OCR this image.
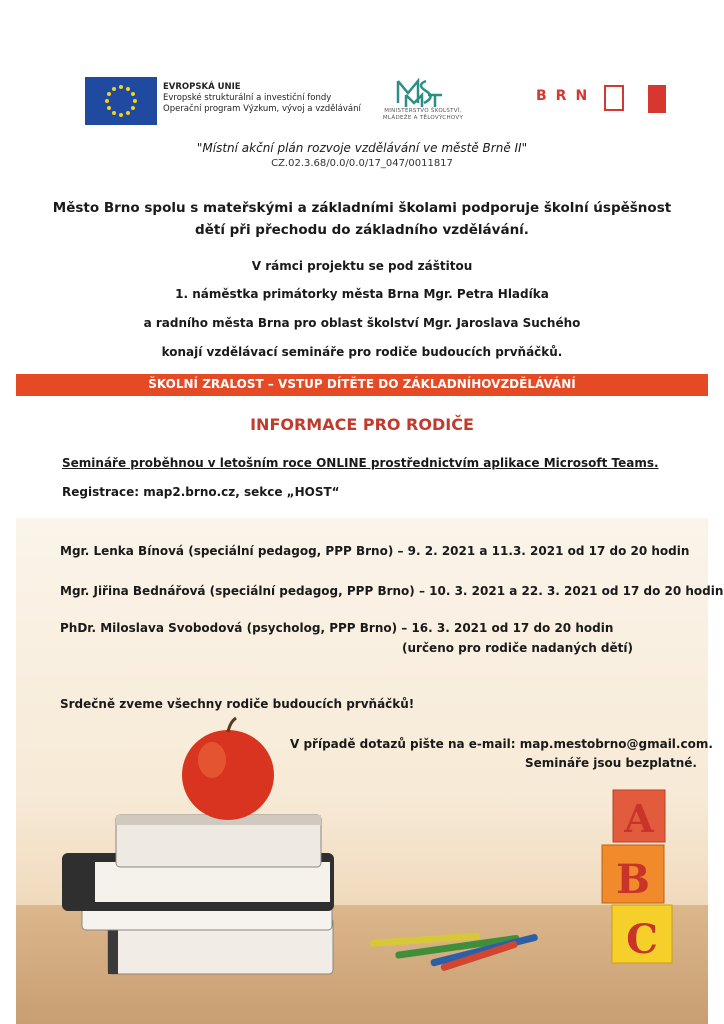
EVROPSKÁ UNIE
Evropské strukturální a investiční fondy
Operační program Výzkum, vývoj a vzdělávání	MINISTERSTVO ŠKOLSTVÍ,
MLÁDEŽE A TĚLOVÝCHOVY
BRN
"Místní akční plán rozvoje vzdělávání ve městě Brně II"
CZ.02.3.68/0.0/0.0/17_047/0011817
Město Brno spolu s mateřskými a základními školami podporuje školní úspěšnost
dětí při přechodu do základního vzdělávání.
V rámci projektu se pod záštitou
1. náměstka primátorky města Brna Mgr. Petra Hladíka
a radního města Brna pro oblast školství Mgr. Jaroslava Suchého
konají vzdělávací semináře pro rodiče budoucích prvňáčků.
ŠKOLNÍ ZRALOST – VSTUP DÍTĚTE DO ZÁKLADNÍHOVZDĚLÁVÁNÍ
INFORMACE PRO RODIČE
Semináře proběhnou v letošním roce ONLINE prostřednictvím aplikace Microsoft Teams.
Registrace: map2.brno.cz, sekce „HOST“
A
B
C
Mgr. Lenka Bínová (speciální pedagog, PPP Brno) – 9. 2. 2021 a 11.3. 2021 od 17 do 20 hodin
Mgr. Jiřina Bednářová (speciální pedagog, PPP Brno) – 10. 3. 2021 a 22. 3. 2021 od 17 do 20 hodin
PhDr. Miloslava Svobodová (psycholog, PPP Brno) – 16. 3. 2021 od 17 do 20 hodin
(určeno pro rodiče nadaných dětí)
Srdečně zveme všechny rodiče budoucích prvňáčků!
V případě dotazů pište na e-mail: map.mestobrno@gmail.com.
Semináře jsou bezplatné.
